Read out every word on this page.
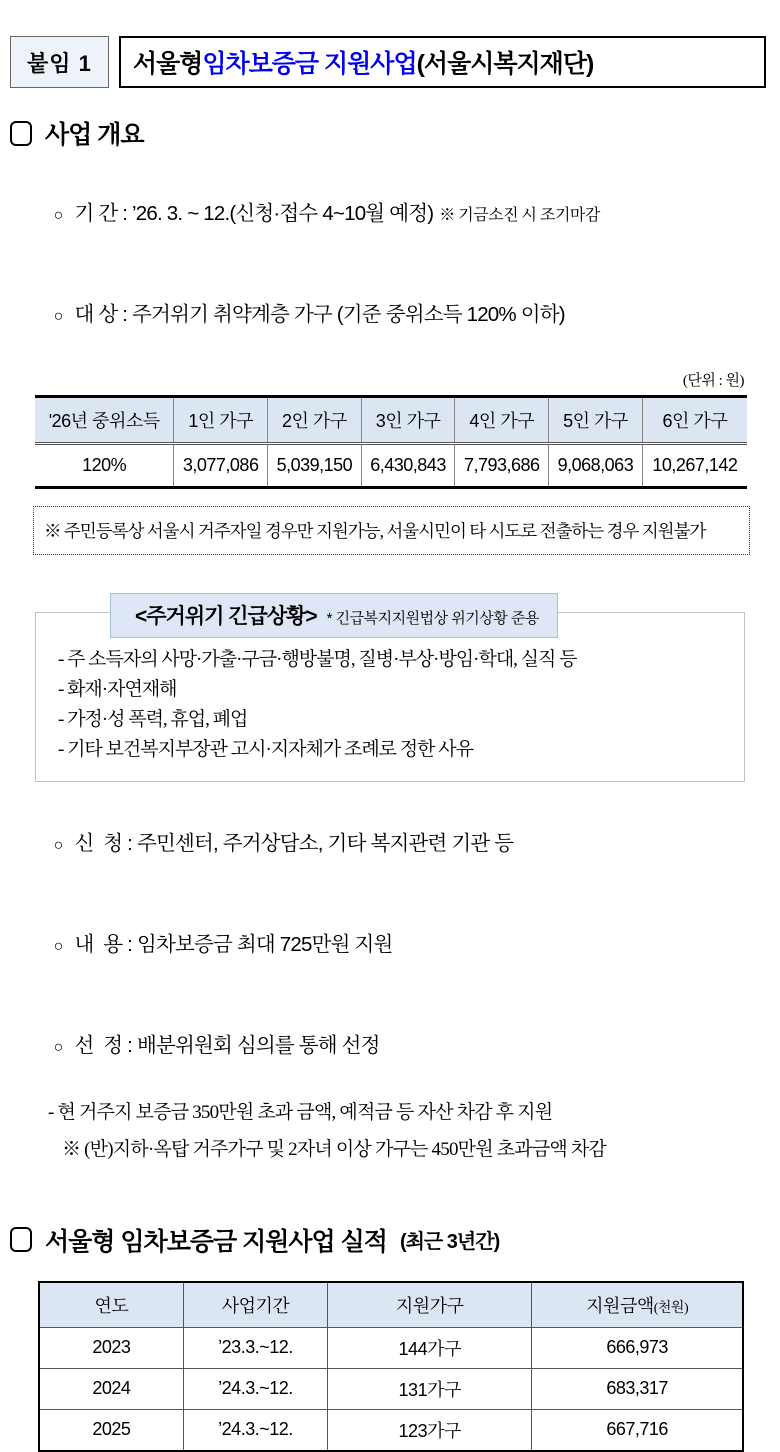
붙임 1	서울형 임차보증금 지원사업 (서울시복지재단)
사업 개요

○ 기 간 : ’26. 3. ~ 12.(신청·접수 4~10월 예정) ※ 기금소진 시 조기마감

○ 대 상 : 주거위기 취약계층 가구 (기준 중위소득 120% 이하)

(단위 : 원)
'26년 중위소득	1인 가구	2인 가구	3인 가구	4인 가구	5인 가구	6인 가구
120%	3,077,086	5,039,150	6,430,843	7,793,686	9,068,063	10,267,142
※ 주민등록상 서울시 거주자일 경우만 지원가능, 서울시민이 타 시도로 전출하는 경우 지원불가
<주거위기 긴급상황> * 긴급복지지원법상 위기상황 준용
- 주 소득자의 사망·가출·구금·행방불명, 질병·부상·방임·학대, 실직 등
- 화재·자연재해
- 가정·성 폭력, 휴업, 폐업
- 기타 보건복지부장관 고시·지자체가 조례로 정한 사유

○ 신  청 : 주민센터, 주거상담소, 기타 복지관련 기관 등

○ 내  용 : 임차보증금 최대 725만원 지원

○ 선  정 : 배분위원회 심의를 통해 선정

- 현 거주지 보증금 350만원 초과 금액, 예적금 등 자산 차감 후 지원
※ (반)지하·옥탑 거주가구 및 2자녀 이상 가구는 450만원 초과금액 차감
서울형 임차보증금 지원사업 실적 (최근 3년간)
연도	사업기간	지원가구	지원금액(천원)
2023	’23.3.~12.	144가구	666,973
2024	’24.3.~12.	131가구	683,317
2025	’24.3.~12.	123가구	667,716
